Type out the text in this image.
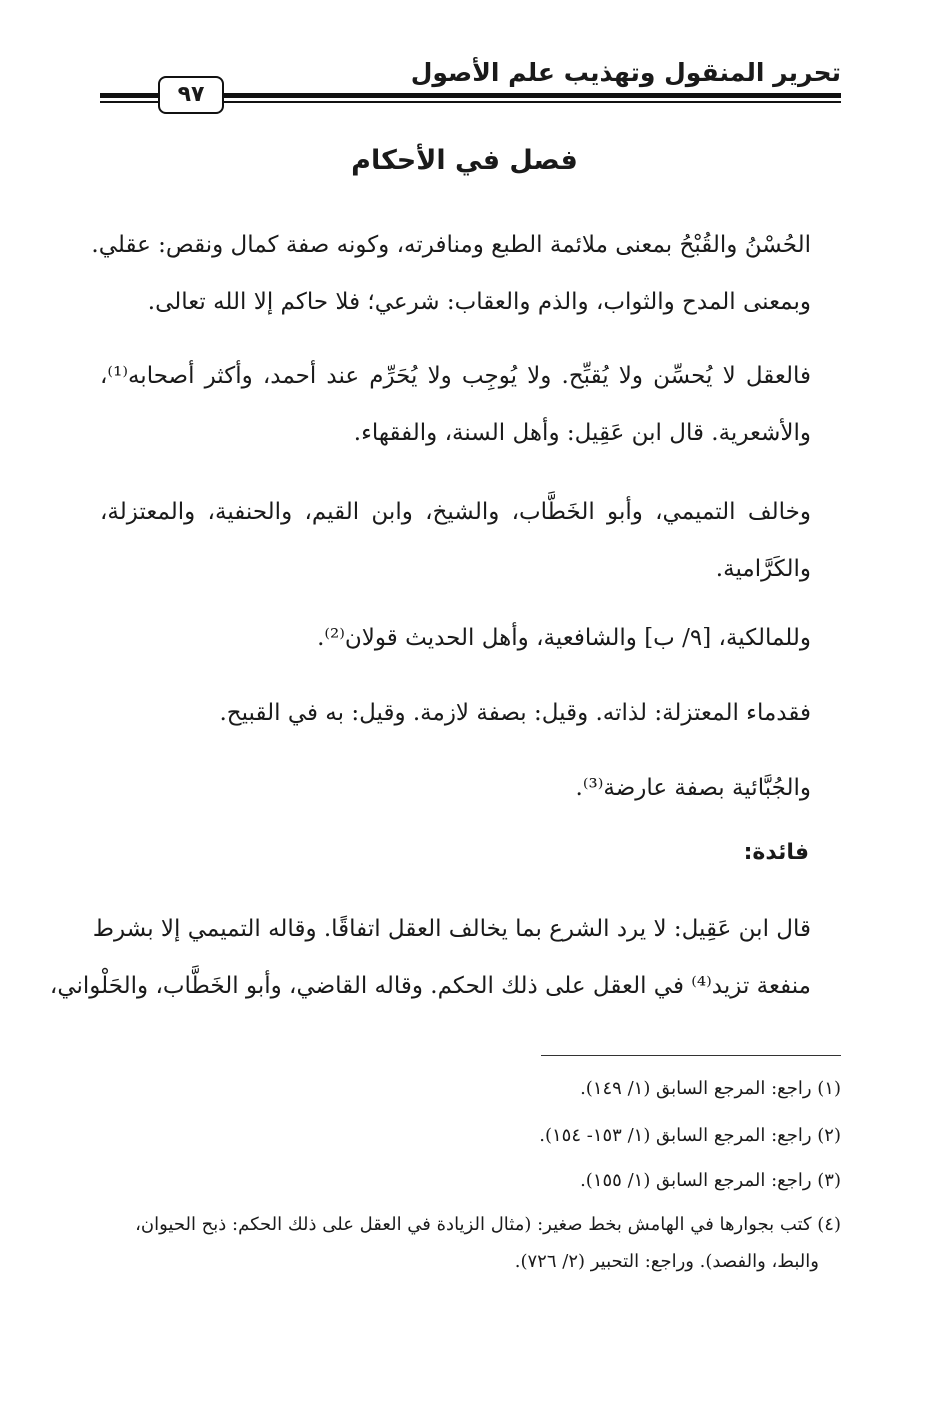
تحرير المنقول وتهذيب علم الأصول
٩٧
فصل في الأحكام
الحُسْنُ والقُبْحُ بمعنى ملائمة الطبع ومنافرته، وكونه صفة كمال ونقص: عقلي.
وبمعنى المدح والثواب، والذم والعقاب: شرعي؛ فلا حاكم إلا الله تعالى.
فالعقل لا يُحسِّن ولا يُقبِّح. ولا يُوجِب ولا يُحَرِّم عند أحمد، وأكثر أصحابه⁽¹⁾،
والأشعرية. قال ابن عَقِيل: وأهل السنة، والفقهاء.
وخالف التميمي، وأبو الخَطَّاب، والشيخ، وابن القيم، والحنفية، والمعتزلة،
والكَرَّامية.
وللمالكية، [٩/ ب] والشافعية، وأهل الحديث قولان⁽²⁾.
فقدماء المعتزلة: لذاته. وقيل: بصفة لازمة. وقيل: به في القبيح.
والجُبَّائية بصفة عارضة⁽³⁾.
فائدة:
قال ابن عَقِيل: لا يرد الشرع بما يخالف العقل اتفاقًا. وقاله التميمي إلا بشرط
منفعة تزيد⁽⁴⁾ في العقل على ذلك الحكم. وقاله القاضي، وأبو الخَطَّاب، والحَلْواني،
(١) راجع: المرجع السابق (١/ ١٤٩).
(٢) راجع: المرجع السابق (١/ ١٥٣- ١٥٤).
(٣) راجع: المرجع السابق (١/ ١٥٥).
(٤) كتب بجوارها في الهامش بخط صغير: (مثال الزيادة في العقل على ذلك الحكم: ذبح الحيوان،
والبط، والفصد). وراجع: التحبير (٢/ ٧٢٦).
